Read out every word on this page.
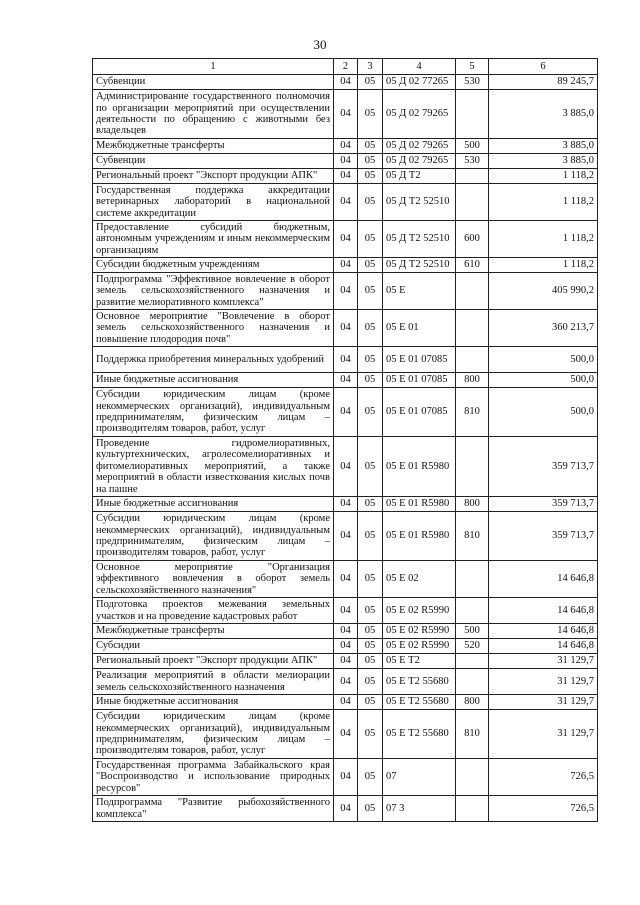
30
1	2	3	4	5	6
Субвенции	04	05	05 Д 02 77265	530	89 245,7
Администрирование государственного полномочия по организации мероприятий при осуществлении деятельности по обращению с животными без владельцев	04	05	05 Д 02 79265		3 885,0
Межбюджетные трансферты	04	05	05 Д 02 79265	500	3 885,0
Субвенции	04	05	05 Д 02 79265	530	3 885,0
Региональный проект "Экспорт продукции АПК"	04	05	05 Д Т2		1 118,2
Государственная поддержка аккредитации ветеринарных лабораторий в национальной системе аккредитации	04	05	05 Д Т2 52510		1 118,2
Предоставление субсидий бюджетным, автономным учреждениям и иным некоммерческим организациям	04	05	05 Д Т2 52510	600	1 118,2
Субсидии бюджетным учреждениям	04	05	05 Д Т2 52510	610	1 118,2
Подпрограмма "Эффективное вовлечение в оборот земель сельскохозяйственного назначения и развитие мелиоративного комплекса"	04	05	05 Е		405 990,2
Основное мероприятие "Вовлечение в оборот земель сельскохозяйственного назначения и повышение плодородия почв"	04	05	05 Е 01		360 213,7
Поддержка приобретения минеральных удобрений	04	05	05 Е 01 07085		500,0
Иные бюджетные ассигнования	04	05	05 Е 01 07085	800	500,0
Субсидии юридическим лицам (кроме некоммерческих организаций), индивидуальным предпринимателям, физическим лицам – производителям товаров, работ, услуг	04	05	05 Е 01 07085	810	500,0
Проведение гидромелиоративных, культуртехнических, агролесомелиоративных и фитомелиоративных мероприятий, а также мероприятий в области известкования кислых почв на пашне	04	05	05 Е 01 R5980		359 713,7
Иные бюджетные ассигнования	04	05	05 Е 01 R5980	800	359 713,7
Субсидии юридическим лицам (кроме некоммерческих организаций), индивидуальным предпринимателям, физическим лицам – производителям товаров, работ, услуг	04	05	05 Е 01 R5980	810	359 713,7
Основное мероприятие "Организация эффективного вовлечения в оборот земель сельскохозяйственного назначения"	04	05	05 Е 02		14 646,8
Подготовка проектов межевания земельных участков и на проведение кадастровых работ	04	05	05 Е 02 R5990		14 646,8
Межбюджетные трансферты	04	05	05 Е 02 R5990	500	14 646,8
Субсидии	04	05	05 Е 02 R5990	520	14 646,8
Региональный проект "Экспорт продукции АПК"	04	05	05 Е Т2		31 129,7
Реализация мероприятий в области мелиорации земель сельскохозяйственного назначения	04	05	05 Е Т2 55680		31 129,7
Иные бюджетные ассигнования	04	05	05 Е Т2 55680	800	31 129,7
Субсидии юридическим лицам (кроме некоммерческих организаций), индивидуальным предпринимателям, физическим лицам – производителям товаров, работ, услуг	04	05	05 Е Т2 55680	810	31 129,7
Государственная программа Забайкальского края "Воспроизводство и использование природных ресурсов"	04	05	07		726,5
Подпрограмма "Развитие рыбохозяйственного комплекса"	04	05	07 3		726,5
